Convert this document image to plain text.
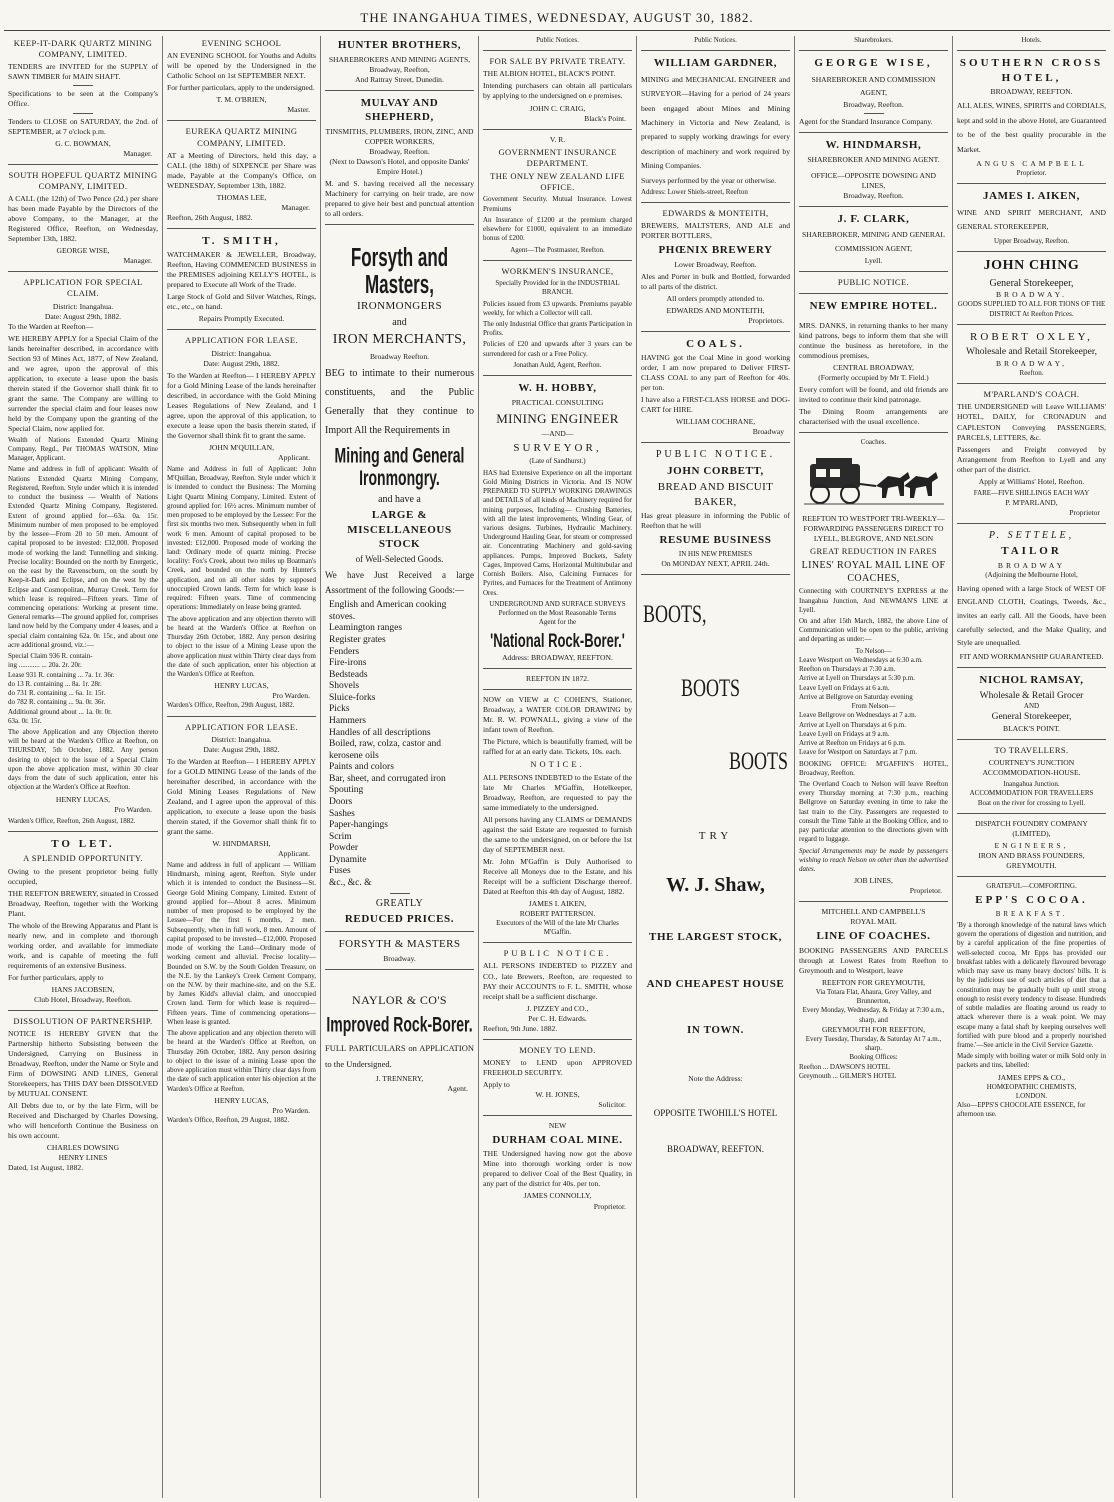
THE INANGAHUA TIMES, WEDNESDAY, AUGUST 30, 1882.
KEEP-IT-DARK QUARTZ MINING COMPANY, LIMITED.

TENDERS are INVITED for the SUPPLY of SAWN TIMBER for MAIN SHAFT.

Specifications to be seen at the Company's Office.

Tenders to CLOSE on SATURDAY, the 2nd. of SEPTEMBER, at 7 o'clock p.m.

G. C. BOWMAN,
Manager.
SOUTH HOPEFUL QUARTZ MINING COMPANY, LIMITED.

A CALL (the 12th) of Two Pence (2d.) per share has been made Payable by the Directors of the above Company, to the Manager, at the Registered Office, Reefton, on Wednesday, September 13th, 1882.

GEORGE WISE,
Manager.
APPLICATION FOR SPECIAL CLAIM.
District: Inangahua.
Date: August 29th, 1882.
To the Warden at Reefton—

WE HEREBY APPLY for a Special Claim of the lands hereinafter described, in accordance with Section 93 of Mines Act, 1877, of New Zealand, and we agree, upon the approval of this application, to execute a lease upon the basis therein stated if the Governor shall think fit to grant the same. The Company are willing to surrender the special claim and four leases now held by the Company upon the granting of the Special Claim, now applied for.

Wealth of Nations Extended Quartz Mining Company, Regd., Per THOMAS WATSON, Mine Manager, Applicant.

Name and address in full of applicant: Wealth of Nations Extended Quartz Mining Company, Registered, Reefton. Style under which it is intended to conduct the business — Wealth of Nations Extended Quartz Mining Company, Registered. Extent of ground applied for—63a. 0a. 15r. Minimum number of men proposed to be employed by the lessee—From 20 to 50 men. Amount of capital proposed to be invested: £32,000. Proposed mode of working the land: Tunnelling and sinking. Precise locality: Bounded on the north by Energetic, on the east by the Ravenscburn, on the south by Keep-it-Dark and Eclipse, and on the west by the Eclipse and Cosmopolitan, Murray Creek. Term for which lease is required—Fifteen years. Time of commencing operations: Working at present time. General remarks—The ground applied for, comprises land now held by the Company under 4 leases, and a special claim containing 62a. 0r. 15r., and about one acre additional ground, viz.:—

Special Claim 936 R. contain-

ing ............ ... 20a. 2r. 20r.

Lease 931 R. containing ... 7a. 1r. 36r.

do 13 R. containing ... 8a. 1r. 28r.

do 731 R. containing ... 6a. 1r. 15r.

do 782 R. containing ... 9a. 0r. 36r.

Additional ground about ... 1a. 0r. 0r.

63a. 0r. 15r.

The above Application and any Objection thereto will be heard at the Warden's Office at Reefton, on THURSDAY, 5th October, 1882. Any person desiring to object to the issue of a Special Claim upon the above application must, within 30 clear days from the date of such application, enter his objection at the Warden's Office at Reefton.

HENRY LUCAS,
Pro Warden.

Warden's Office, Reefton, 26th August, 1882.

TO LET.
A SPLENDID OPPORTUNITY.

Owing to the present proprietor being fully occupied,

THE REEFTON BREWERY, situated in Crossed Broadway, Reefton, together with the Working Plant.

The whole of the Brewing Apparatus and Plant is nearly new, and in complete and thorough working order, and available for immediate work, and is capable of meeting the full requirements of an extensive Business.

For further particulars, apply to

HANS JACOBSEN,
Club Hotel, Broadway, Reefton.
DISSOLUTION OF PARTNERSHIP.

NOTICE IS HEREBY GIVEN that the Partnership hitherto Subsisting between the Undersigned, Carrying on Business in Broadway, Reefton, under the Name or Style and Firm of DOWSING AND LINES, General Storekeepers, has THIS DAY been DISSOLVED by MUTUAL CONSENT.

All Debts due to, or by the late Firm, will be Received and Discharged by Charles Dowsing, who will henceforth Continue the Business on his own account.

CHARLES DOWSING
HENRY LINES
Dated, 1st August, 1882.
EVENING SCHOOL

AN EVENING SCHOOL for Youths and Adults will be opened by the Undersigned in the Catholic School on 1st SEPTEMBER NEXT.

For further particulars, apply to the undersigned.

T. M. O'BRIEN,
Master.
EUREKA QUARTZ MINING COMPANY, LIMITED.

AT a Meeting of Directors, held this day, a CALL (the 18th) of SIXPENCE per Share was made, Payable at the Company's Office, on WEDNESDAY, September 13th, 1882.

THOMAS LEE,
Manager.
Reefton, 26th August, 1882.
T. SMITH,

WATCHMAKER & JEWELLER, Broadway, Reefton, Having COMMENCED BUSINESS in the PREMISES adjoining KELLY'S HOTEL, is prepared to Execute all Work of the Trade.

Large Stock of Gold and Silver Watches, Rings, etc., etc., on hand.

Repairs Promptly Executed.
APPLICATION FOR LEASE.
District: Inangahua.
Date: August 29th, 1882.

To the Warden at Reefton— I HEREBY APPLY for a Gold Mining Lease of the lands hereinafter described, in accordance with the Gold Mining Leases Regulations of New Zealand, and I agree, upon the approval of this application, to execute a lease upon the basis therein stated, if the Governor shall think fit to grant the same.

JOHN M'QUILLAN,
Applicant.

Name and Address in full of Applicant: John M'Quillan, Broadway, Reefton. Style under which it is intended to conduct the Business: The Morning Light Quartz Mining Company, Limited. Extent of ground applied for: 16½ acres. Minimum number of men proposed to be employed by the Lessee: For the first six months two men. Subsequently when in full work 6 men. Amount of capital proposed to be invested: £12,000. Proposed mode of working the land: Ordinary mode of quartz mining. Precise locality: Fox's Creek, about two miles up Boatman's Creek, and bounded on the north by Hunter's application, and on all other sides by supposed unoccupied Crown lands. Term for which lease is required: Fifteen years. Time of commencing operations: Immediately on lease being granted.

The above application and any objection thereto will be heard at the Warden's Office at Reefton on Thursday 26th October, 1882. Any person desiring to object to the issue of a Mining Lease upon the above application must within Thirty clear days from the date of such application, enter his objection at the Warden's Office at Reefton.

HENRY LUCAS,
Pro Warden.
Warden's Office, Reefton, 29th August, 1882.
APPLICATION FOR LEASE.
District: Inangahua.
Date: August 29th, 1882.

To the Warden at Reefton— I HEREBY APPLY for a GOLD MINING Lease of the lands of the hereinafter described, in accordance with the Gold Mining Leases Regulations of New Zealand, and I agree upon the approval of this application, to execute a lease upon the basis therein stated, if the Governor shall think fit to grant the same.

W. HINDMARSH,
Applicant.

Name and address in full of applicant — William Hindmarsh, mining agent, Reefton. Style under which it is intended to conduct the Business—St. George Gold Mining Company, Limited. Extent of ground applied for—About 8 acres. Minimum number of men proposed to be employed by the Lessee—For the first 6 months, 2 men. Subsequently, when in full work, 8 men. Amount of capital proposed to be invested—£12,000. Proposed mode of working the Land—Ordinary mode of working cement and alluvial. Precise locality—Bounded on S.W. by the South Golden Treasure, on the N.E. by the Lankey's Creek Cement Company, on the N.W. by their machine-site, and on the S.E. by James Kidd's alluvial claim, and unoccupied Crown land. Term for which lease is required—Fifteen years. Time of commencing operations—When lease is granted.

The above application and any objection thereto will be heard at the Warden's Office at Reefton, on Thursday 26th October, 1882. Any person desiring to object to the issue of a mining Lease upon the above application must within Thirty clear days from the date of such application enter his objection at the Warden's Office at Reefton.

HENRY LUCAS,
Pro Warden.
Warden's Office, Reefton, 29 August, 1882.
HUNTER BROTHERS,
SHAREBROKERS AND MINING AGENTS,
Broadway, Reefton,
And Rattray Street, Dunedin.
MULVAY AND SHEPHERD,
TINSMITHS, PLUMBERS, IRON, ZINC, AND COPPER WORKERS,
Broadway, Reefton.
(Next to Dawson's Hotel, and opposite Danks' Empire Hotel.)

M. and S. having received all the necessary Machinery for carrying on heir trade, are now prepared to give heir best and punctual attention to all orders.

Forsyth and Masters,
IRONMONGERS
and
IRON MERCHANTS,
Broadway Reefton.

BEG to intimate to their numerous constituents, and the Public Generally that they continue to Import All the Requirements in

Mining and General Ironmongry.
and have a
LARGE & MISCELLANEOUS STOCK
of Well-Selected Goods.

We have Just Received a large Assortment of the following Goods:—

English and American cooking stoves.

Leamington ranges

Register grates

Fenders

Fire-irons

Bedsteads

Shovels

Sluice-forks

Picks

Hammers

Handles of all descriptions

Boiled, raw, colza, castor and kerosene oils

Paints and colors

Bar, sheet, and corrugated iron

Spouting

Doors

Sashes

Paper-hangings

Scrim

Powder

Dynamite

Fuses

&c., &c. &

GREATLY
REDUCED PRICES.
FORSYTH & MASTERS
Broadway.
NAYLOR & CO'S
Improved Rock-Borer.

FULL PARTICULARS on APPLICATION to the Undersigned.

J. TRENNERY,
Agent.
Public Notices.
FOR SALE BY PRIVATE TREATY.

THE ALBION HOTEL, BLACK'S POINT.

Intending purchasers can obtain all particulars by applying to the undersigned on e premises.

JOHN C. CRAIG,
Black's Point.
V. R.
GOVERNMENT INSURANCE DEPARTMENT.
THE ONLY NEW ZEALAND LIFE OFFICE.

Government Security. Mutual Insurance. Lowest Premiums

An Insurance of £1200 at the premium charged elsewhere for £1000, equivalent to an immediate bonus of £200.

Agent—The Postmaster, Reefton.
WORKMEN'S INSURANCE,
Specially Provided for in the INDUSTRIAL BRANCH.

Policies issued from £3 upwards. Premiums payable weekly, for which a Collector will call.

The only Industrial Office that grants Participation in Profits.

Policies of £20 and upwards after 3 years can be surrendered for cash or a Free Policy.

Jonathan Auld, Agent, Reefton.
W. H. HOBBY,
PRACTICAL CONSULTING
MINING ENGINEER
—AND—
SURVEYOR,
(Late of Sandhurst.)

HAS had Extensive Experience on all the important Gold Mining Districts in Victoria. And IS NOW PREPARED TO SUPPLY WORKING DRAWINGS and DETAILS of all kinds of Machinery required for mining purposes, Including— Crushing Batteries, with all the latest improvements, Winding Gear, of various designs. Turbines, Hydraulic Machinery. Underground Hauling Gear, for steam or compressed air. Concentrating Machinery and gold-saving appliances. Pumps, Improved Buckets, Safety Cages, Improved Cams, Horizontal Multitubular and Cornish Boilers. Also, Calcining Furnaces for Pyrites, and Furnaces for the Treatment of Antimony Ores.

UNDERGROUND AND SURFACE SURVEYS Performed on the Most Reasonable Terms
Agent for the
'National Rock-Borer.'
Address: BROADWAY, REEFTON.
REEFTON IN 1872.

NOW on VIEW at C COHEN'S, Stationer, Broadway, a WATER COLOR DRAWING by Mr. R. W. POWNALL, giving a view of the infant town of Reefton.

The Picture, which is beautifully framed, will be raffled for at an early date. Tickets, 10s. each.

NOTICE.

ALL PERSONS INDEBTED to the Estate of the late Mr Charles M'Gaffin, Hotelkeeper, Broadway, Reefton, are requested to pay the same immediately to the undersigned.

All persons having any CLAIMS or DEMANDS against the said Estate are requested to furnish the same to the undersigned, on or before the 1st day of SEPTEMBER next.

Mr. John M'Gaffin is Duly Authorised to Receive all Moneys due to the Estate, and his Receipt will be a sufficient Discharge thereof. Dated at Reefton this 4th day of August, 1882.

JAMES I. AIKEN,
ROBERT PATTERSON.
Executors of the Will of the late Mr Charles M'Gaffin.
PUBLIC NOTICE.

ALL PERSONS INDEBTED to PIZZEY and CO., late Brewers, Reefton, are requested to PAY their ACCOUNTS to F. L. SMITH, whose receipt shall be a sufficient discharge.

J. PIZZEY and CO.,
Per C. H. Edwards.
Reefton, 9th June. 1882.
MONEY TO LEND.

MONEY to LEND upon APPROVED FREEHOLD SECURITY.

Apply to
W. H. JONES,
Solicitor.
NEW
DURHAM COAL MINE.

THE Undersigned having now got the above Mine into thorough working order is now prepared to deliver Coal of the Best Quality, in any part of the district for 40s. per ton.

JAMES CONNOLLY,
Proprietor.
Public Notices.
WILLIAM GARDNER,

MINING and MECHANICAL ENGINEER and SURVEYOR—Having for a period of 24 years been engaged about Mines and Mining Machinery in Victoria and New Zealand, is prepared to supply working drawings for every description of machinery and work required by Mining Companies.

Surveys performed by the year or otherwise.

Address: Lower Shiels-street, Reefton
EDWARDS & MONTEITH,

BREWERS, MALTSTERS, AND ALE and PORTER BOTTLERS,

PHŒNIX BREWERY
Lower Broadway, Reefton.

Ales and Porter in bulk and Bottled, forwarded to all parts of the district.

All orders promptly attended to.

EDWARDS AND MONTEITH,
Proprietors.
COALS.

HAVING got the Coal Mine in good working order, I am now prepared to Deliver FIRST-CLASS COAL to any part of Reefton for 40s. per ton.

I have also a FIRST-CLASS HORSE and DOG-CART for HIRE.

WILLIAM COCHRANE,
Broadway
PUBLIC NOTICE.
JOHN CORBETT,
BREAD AND BISCUIT BAKER,

Has great pleasure in informing the Public of Reefton that he will

RESUME BUSINESS
IN HIS NEW PREMISES
On MONDAY NEXT, APRIL 24th.
BOOTS,
BOOTS
BOOTS
TRY
W. J. Shaw,
THE LARGEST STOCK,
AND CHEAPEST HOUSE
IN TOWN.
Note the Address:
OPPOSITE TWOHILL'S HOTEL
BROADWAY, REEFTON.
Sharebrokers.
GEORGE WISE,
SHAREBROKER AND COMMISSION AGENT,
Broadway, Reefton.

Agent for the Standard Insurance Company.

W. HINDMARSH,
SHAREBROKER AND MINING AGENT.
OFFICE—OPPOSITE DOWSING AND LINES,
Broadway, Reefton.
J. F. CLARK,
SHAREBROKER, MINING AND GENERAL COMMISSION AGENT,
Lyell.
PUBLIC NOTICE.
NEW EMPIRE HOTEL.

MRS. DANKS, in returning thanks to her many kind patrons, begs to inform them that she will continue the business as heretofore, in the commodious premises,

CENTRAL BROADWAY,
(Formerly occupied by Mr T. Field.)

Every comfort will be found, and old friends are invited to continue their kind patronage.

The Dining Room arrangements are characterised with the usual excellence.

Coaches.

REEFTON TO WESTPORT TRI-WEEKLY—FORWARDING PASSENGERS DIRECT TO LYELL, BLEGROVE, AND NELSON

GREAT REDUCTION IN FARES
LINES' ROYAL MAIL LINE OF COACHES,

Connecting with COURTNEY'S EXPRESS at the Inangahua Junction, And NEWMAN'S LINE at Lyell.

On and after 15th March, 1882, the above Line of Communication will be open to the public, arriving and departing as under:—

To Nelson—

Leave Westport on Wednesdays at 6:30 a.m.

Reefton on Thursdays at 7:30 a.m.

Arrive at Lyell on Thursdays at 5:30 p.m.

Leave Lyell on Fridays at 6 a.m.

Arrive at Bellgrove on Saturday evening

From Nelson—

Leave Bellgrove on Wednesdays at 7 a.m.

Arrive at Lyell on Thursdays at 6 p.m.

Leave Lyell on Fridays at 9 a.m.

Arrive at Reefton on Fridays at 6 p.m.

Leave for Westport on Saturdays at 7 p.m.

BOOKING OFFICE: M'GAFFIN'S HOTEL, Broadway, Reefton.

The Overland Coach to Nelson will leave Reefton every Thursday morning at 7:30 p.m., reaching Bellgrove on Saturday evening in time to take the last train to the City. Passengers are requested to consult the Time Table at the Booking Office, and to pay particular attention to the directions given with regard to luggage.

Special Arrangements may be made by passengers wishing to reach Nelson on other than the advertised dates.

JOB LINES,
Proprietor.
MITCHELL AND CAMPBELL'S
ROYAL MAIL
LINE OF COACHES.

BOOKING PASSENGERS AND PARCELS through at Lowest Rates from Reefton to Greymouth and to Westport, leave

REEFTON FOR GREYMOUTH,
Via Totara Flat, Ahaura, Grey Valley, and Brunnerton,
Every Monday, Wednesday, & Friday at 7:30 a.m., sharp, and
GREYMOUTH FOR REEFTON,
Every Tuesday, Thursday, & Saturday At 7 a.m., sharp.
Booking Offices:
Reefton ... DAWSON'S HOTEL
Greymouth ... GILMER'S HOTEL
Hotels.
SOUTHERN CROSS HOTEL,
BROADWAY, REEFTON.

ALL ALES, WINES, SPIRITS and CORDIALS, kept and sold in the above Hotel, are Guaranteed to be of the best quality procurable in the Market.

ANGUS CAMPBELL
Proprietor.
JAMES I. AIKEN,

WINE AND SPIRIT MERCHANT, AND GENERAL STOREKEEPER,

Upper Broadway, Reefton.
JOHN CHING
General Storekeeper,
BROADWAY.
GOODS SUPPLIED TO ALL FOR TIONS OF THE DISTRICT At Reefton Prices.
ROBERT OXLEY,
Wholesale and Retail Storekeeper,
BROADWAY,
Reefton.
M'PARLAND'S COACH.

THE UNDERSIGNED will Leave WILLIAMS' HOTEL, DAILY, for CRONADUN and CAPLESTON Conveying PASSENGERS, PARCELS, LETTERS, &c.

Passengers and Freight conveyed by Arrangement from Reefton to Lyell and any other part of the district.

Apply at Williams' Hotel, Reefton.

FARE—FIVE SHILLINGS EACH WAY
P. M'PARLAND,
Proprietor
P. SETTELE,
TAILOR
BROADWAY
(Adjoining the Melbourne Hotel,

Having opened with a large Stock of WEST OF ENGLAND CLOTH, Coatings, Tweeds, &c., invites an early call. All the Goods, have been carefully selected, and the Make Quality, and Style are unequalled.

FIT AND WORKMANSHIP GUARANTEED.
NICHOL RAMSAY,
Wholesale & Retail Grocer
AND
General Storekeeper,
BLACK'S POINT.
TO TRAVELLERS.

COURTNEY'S JUNCTION ACCOMMODATION-HOUSE.

Inangahua Junction.
ACCOMMODATION FOR TRAVELLERS
Boat on the river for crossing to Lyell.

DISPATCH FOUNDRY COMPANY (LIMITED),

ENGINEERS,
IRON AND BRASS FOUNDERS,
GREYMOUTH.
GRATEFUL—COMFORTING.
EPP'S COCOA.
BREAKFAST.

'By a thorough knowledge of the natural laws which govern the operations of digestion and nutrition, and by a careful application of the fine properties of well-selected cocoa, Mr Epps has provided our breakfast tables with a delicately flavoured beverage which may save us many heavy doctors' bills. It is by the judicious use of such articles of diet that a constitution may be gradually built up until strong enough to resist every tendency to disease. Hundreds of subtle maladies are floating around us ready to attack wherever there is a weak point. We may escape many a fatal shaft by keeping ourselves well fortified with pure blood and a properly nourished frame.'—See article in the Civil Service Gazette.

Made simply with boiling water or milk Sold only in packets and tins, labelled:

JAMES EPPS & CO.,
HOMŒOPATHIC CHEMISTS,
LONDON.
Also—EPPS'S CHOCOLATE ESSENCE, for afternoon use.
